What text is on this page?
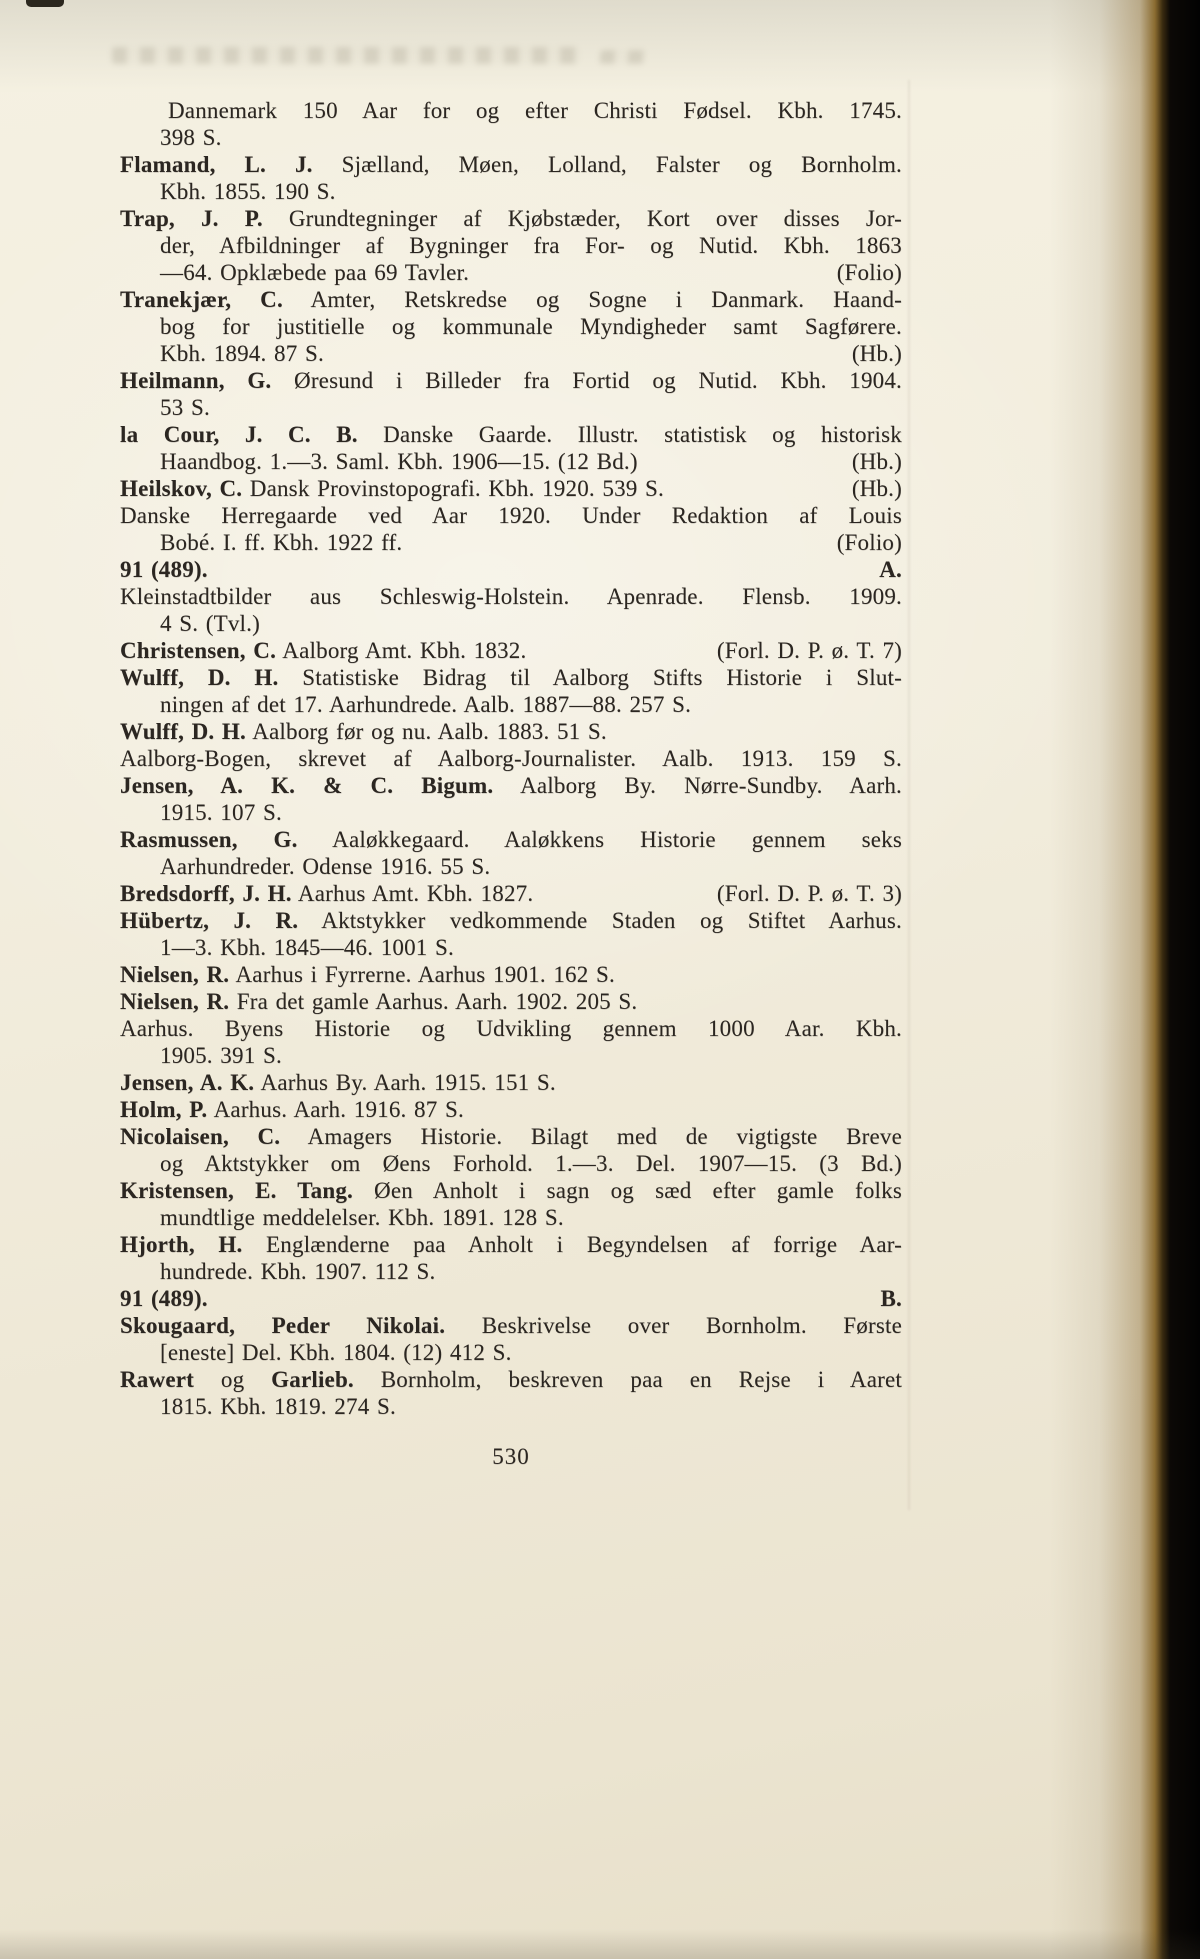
Dannemark 150 Aar for og efter Christi Fødsel. Kbh. 1745.
398 S.
Flamand, L. J. Sjælland, Møen, Lolland, Falster og Bornholm.
Kbh. 1855. 190 S.
Trap, J. P. Grundtegninger af Kjøbstæder, Kort over disses Jor-
der, Afbildninger af Bygninger fra For- og Nutid. Kbh. 1863
—64. Opklæbede paa 69 Tavler.	(Folio)
Tranekjær, C. Amter, Retskredse og Sogne i Danmark. Haand-
bog for justitielle og kommunale Myndigheder samt Sagførere.
Kbh. 1894. 87 S.	(Hb.)
Heilmann, G. Øresund i Billeder fra Fortid og Nutid. Kbh. 1904.
53 S.
la Cour, J. C. B. Danske Gaarde. Illustr. statistisk og historisk
Haandbog. 1.—3. Saml. Kbh. 1906—15. (12 Bd.)	(Hb.)
Heilskov, C. Dansk Provinstopografi. Kbh. 1920. 539 S.	(Hb.)
Danske Herregaarde ved Aar 1920. Under Redaktion af Louis
Bobé. I. ff. Kbh. 1922 ff.	(Folio)
91 (489).	A.
Kleinstadtbilder aus Schleswig-Holstein. Apenrade. Flensb. 1909.
4 S. (Tvl.)
Christensen, C. Aalborg Amt. Kbh. 1832.	(Forl. D. P. ø. T. 7)
Wulff, D. H. Statistiske Bidrag til Aalborg Stifts Historie i Slut-
ningen af det 17. Aarhundrede. Aalb. 1887—88. 257 S.
Wulff, D. H. Aalborg før og nu. Aalb. 1883. 51 S.
Aalborg-Bogen, skrevet af Aalborg-Journalister. Aalb. 1913. 159 S.
Jensen, A. K. & C. Bigum. Aalborg By. Nørre-Sundby. Aarh.
1915. 107 S.
Rasmussen, G. Aaløkkegaard. Aaløkkens Historie gennem seks
Aarhundreder. Odense 1916. 55 S.
Bredsdorff, J. H. Aarhus Amt. Kbh. 1827.	(Forl. D. P. ø. T. 3)
Hübertz, J. R. Aktstykker vedkommende Staden og Stiftet Aarhus.
1—3. Kbh. 1845—46. 1001 S.
Nielsen, R. Aarhus i Fyrrerne. Aarhus 1901. 162 S.
Nielsen, R. Fra det gamle Aarhus. Aarh. 1902. 205 S.
Aarhus. Byens Historie og Udvikling gennem 1000 Aar. Kbh.
1905. 391 S.
Jensen, A. K. Aarhus By. Aarh. 1915. 151 S.
Holm, P. Aarhus. Aarh. 1916. 87 S.
Nicolaisen, C. Amagers Historie. Bilagt med de vigtigste Breve
og Aktstykker om Øens Forhold. 1.—3. Del. 1907—15. (3 Bd.)
Kristensen, E. Tang. Øen Anholt i sagn og sæd efter gamle folks
mundtlige meddelelser. Kbh. 1891. 128 S.
Hjorth, H. Englænderne paa Anholt i Begyndelsen af forrige Aar-
hundrede. Kbh. 1907. 112 S.
91 (489).	B.
Skougaard, Peder Nikolai. Beskrivelse over Bornholm. Første
[eneste] Del. Kbh. 1804. (12) 412 S.
Rawert og Garlieb. Bornholm, beskreven paa en Rejse i Aaret
1815. Kbh. 1819. 274 S.
530
